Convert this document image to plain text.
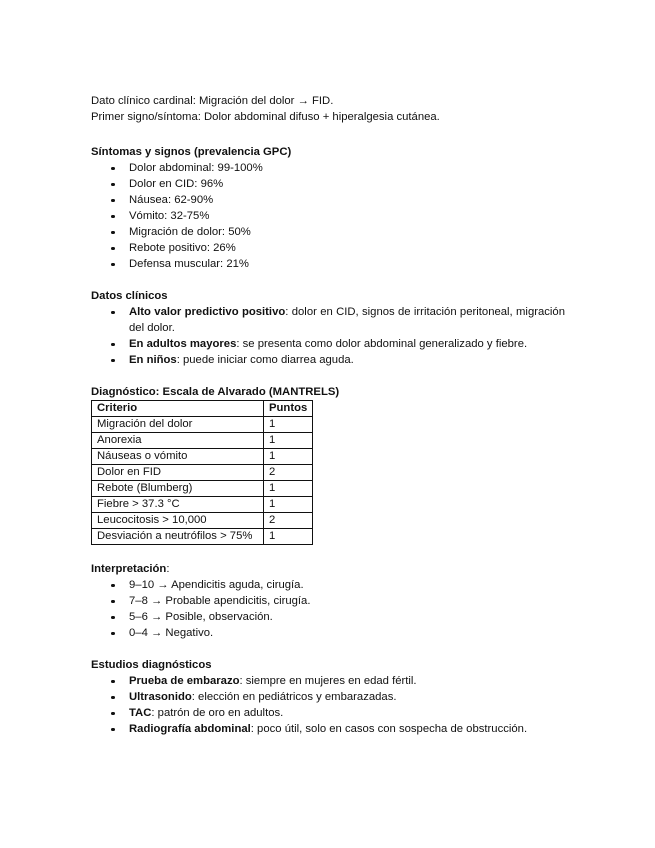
Dato clínico cardinal: Migración del dolor → FID.

Primer signo/síntoma: Dolor abdominal difuso + hiperalgesia cutánea.

Síntomas y signos (prevalencia GPC)

Dolor abdominal: 99-100%
Dolor en CID: 96%
Náusea: 62-90%
Vómito: 32-75%
Migración de dolor: 50%
Rebote positivo: 26%
Defensa muscular: 21%

Datos clínicos

Alto valor predictivo positivo: dolor en CID, signos de irritación peritoneal, migración del dolor.
En adultos mayores: se presenta como dolor abdominal generalizado y fiebre.
En niños: puede iniciar como diarrea aguda.

Diagnóstico: Escala de Alvarado (MANTRELS)

Criterio	Puntos
Migración del dolor	1
Anorexia	1
Náuseas o vómito	1
Dolor en FID	2
Rebote (Blumberg)	1
Fiebre > 37.3 °C	1
Leucocitosis > 10,000	2
Desviación a neutrófilos > 75%	1

Interpretación:

9–10 → Apendicitis aguda, cirugía.
7–8 → Probable apendicitis, cirugía.
5–6 → Posible, observación.
0–4 → Negativo.

Estudios diagnósticos

Prueba de embarazo: siempre en mujeres en edad fértil.
Ultrasonido: elección en pediátricos y embarazadas.
TAC: patrón de oro en adultos.
Radiografía abdominal: poco útil, solo en casos con sospecha de obstrucción.
